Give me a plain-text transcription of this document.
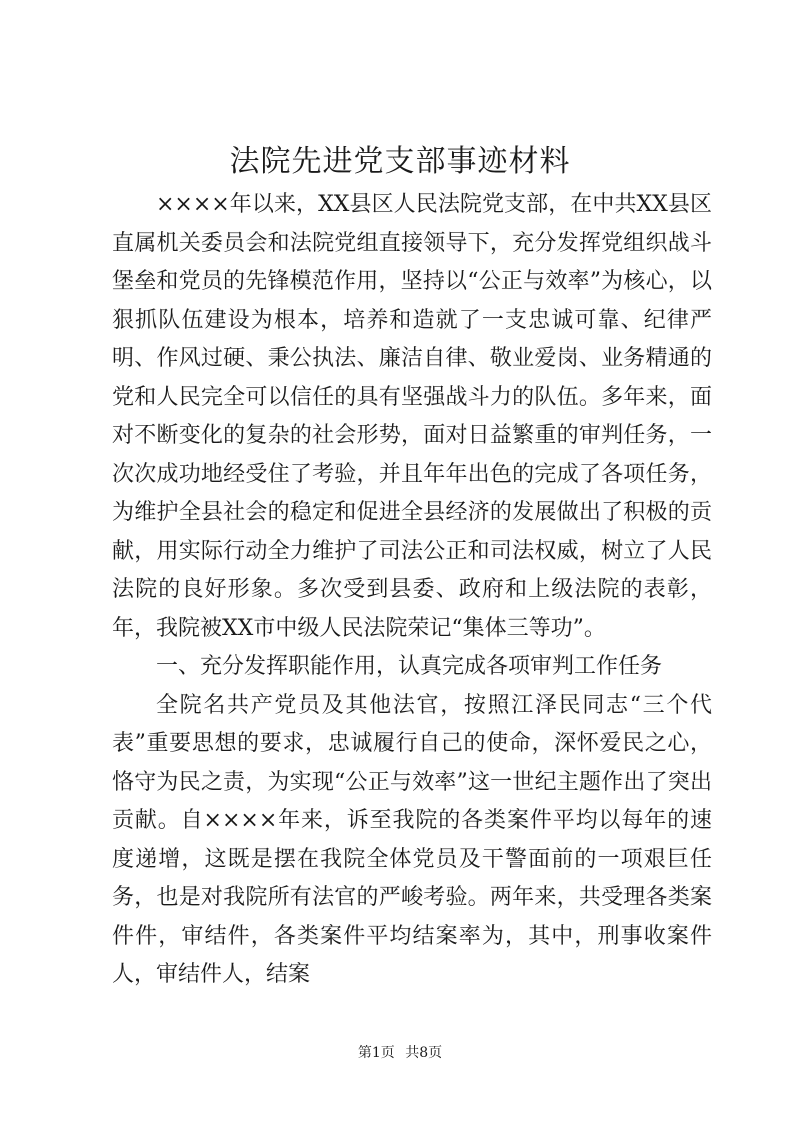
法院先进党支部事迹材料

××××年以来，XX县区人民法院党支部，在中共XX县区直属机关委员会和法院党组直接领导下，充分发挥党组织战斗堡垒和党员的先锋模范作用，坚持以“公正与效率”为核心，以狠抓队伍建设为根本，培养和造就了一支忠诚可靠、纪律严明、作风过硬、秉公执法、廉洁自律、敬业爱岗、业务精通的党和人民完全可以信任的具有坚强战斗力的队伍。多年来，面对不断变化的复杂的社会形势，面对日益繁重的审判任务，一次次成功地经受住了考验，并且年年出色的完成了各项任务，为维护全县社会的稳定和促进全县经济的发展做出了积极的贡献，用实际行动全力维护了司法公正和司法权威，树立了人民法院的良好形象。多次受到县委、政府和上级法院的表彰，年，我院被XX市中级人民法院荣记“集体三等功”。

一、充分发挥职能作用，认真完成各项审判工作任务

全院名共产党员及其他法官，按照江泽民同志“三个代表”重要思想的要求，忠诚履行自己的使命，深怀爱民之心，恪守为民之责，为实现“公正与效率”这一世纪主题作出了突出贡献。自××××年来，诉至我院的各类案件平均以每年的速度递增，这既是摆在我院全体党员及干警面前的一项艰巨任务，也是对我院所有法官的严峻考验。两年来，共受理各类案件件，审结件，各类案件平均结案率为，其中，刑事收案件人，审结件人，结案

第1页 共8页
